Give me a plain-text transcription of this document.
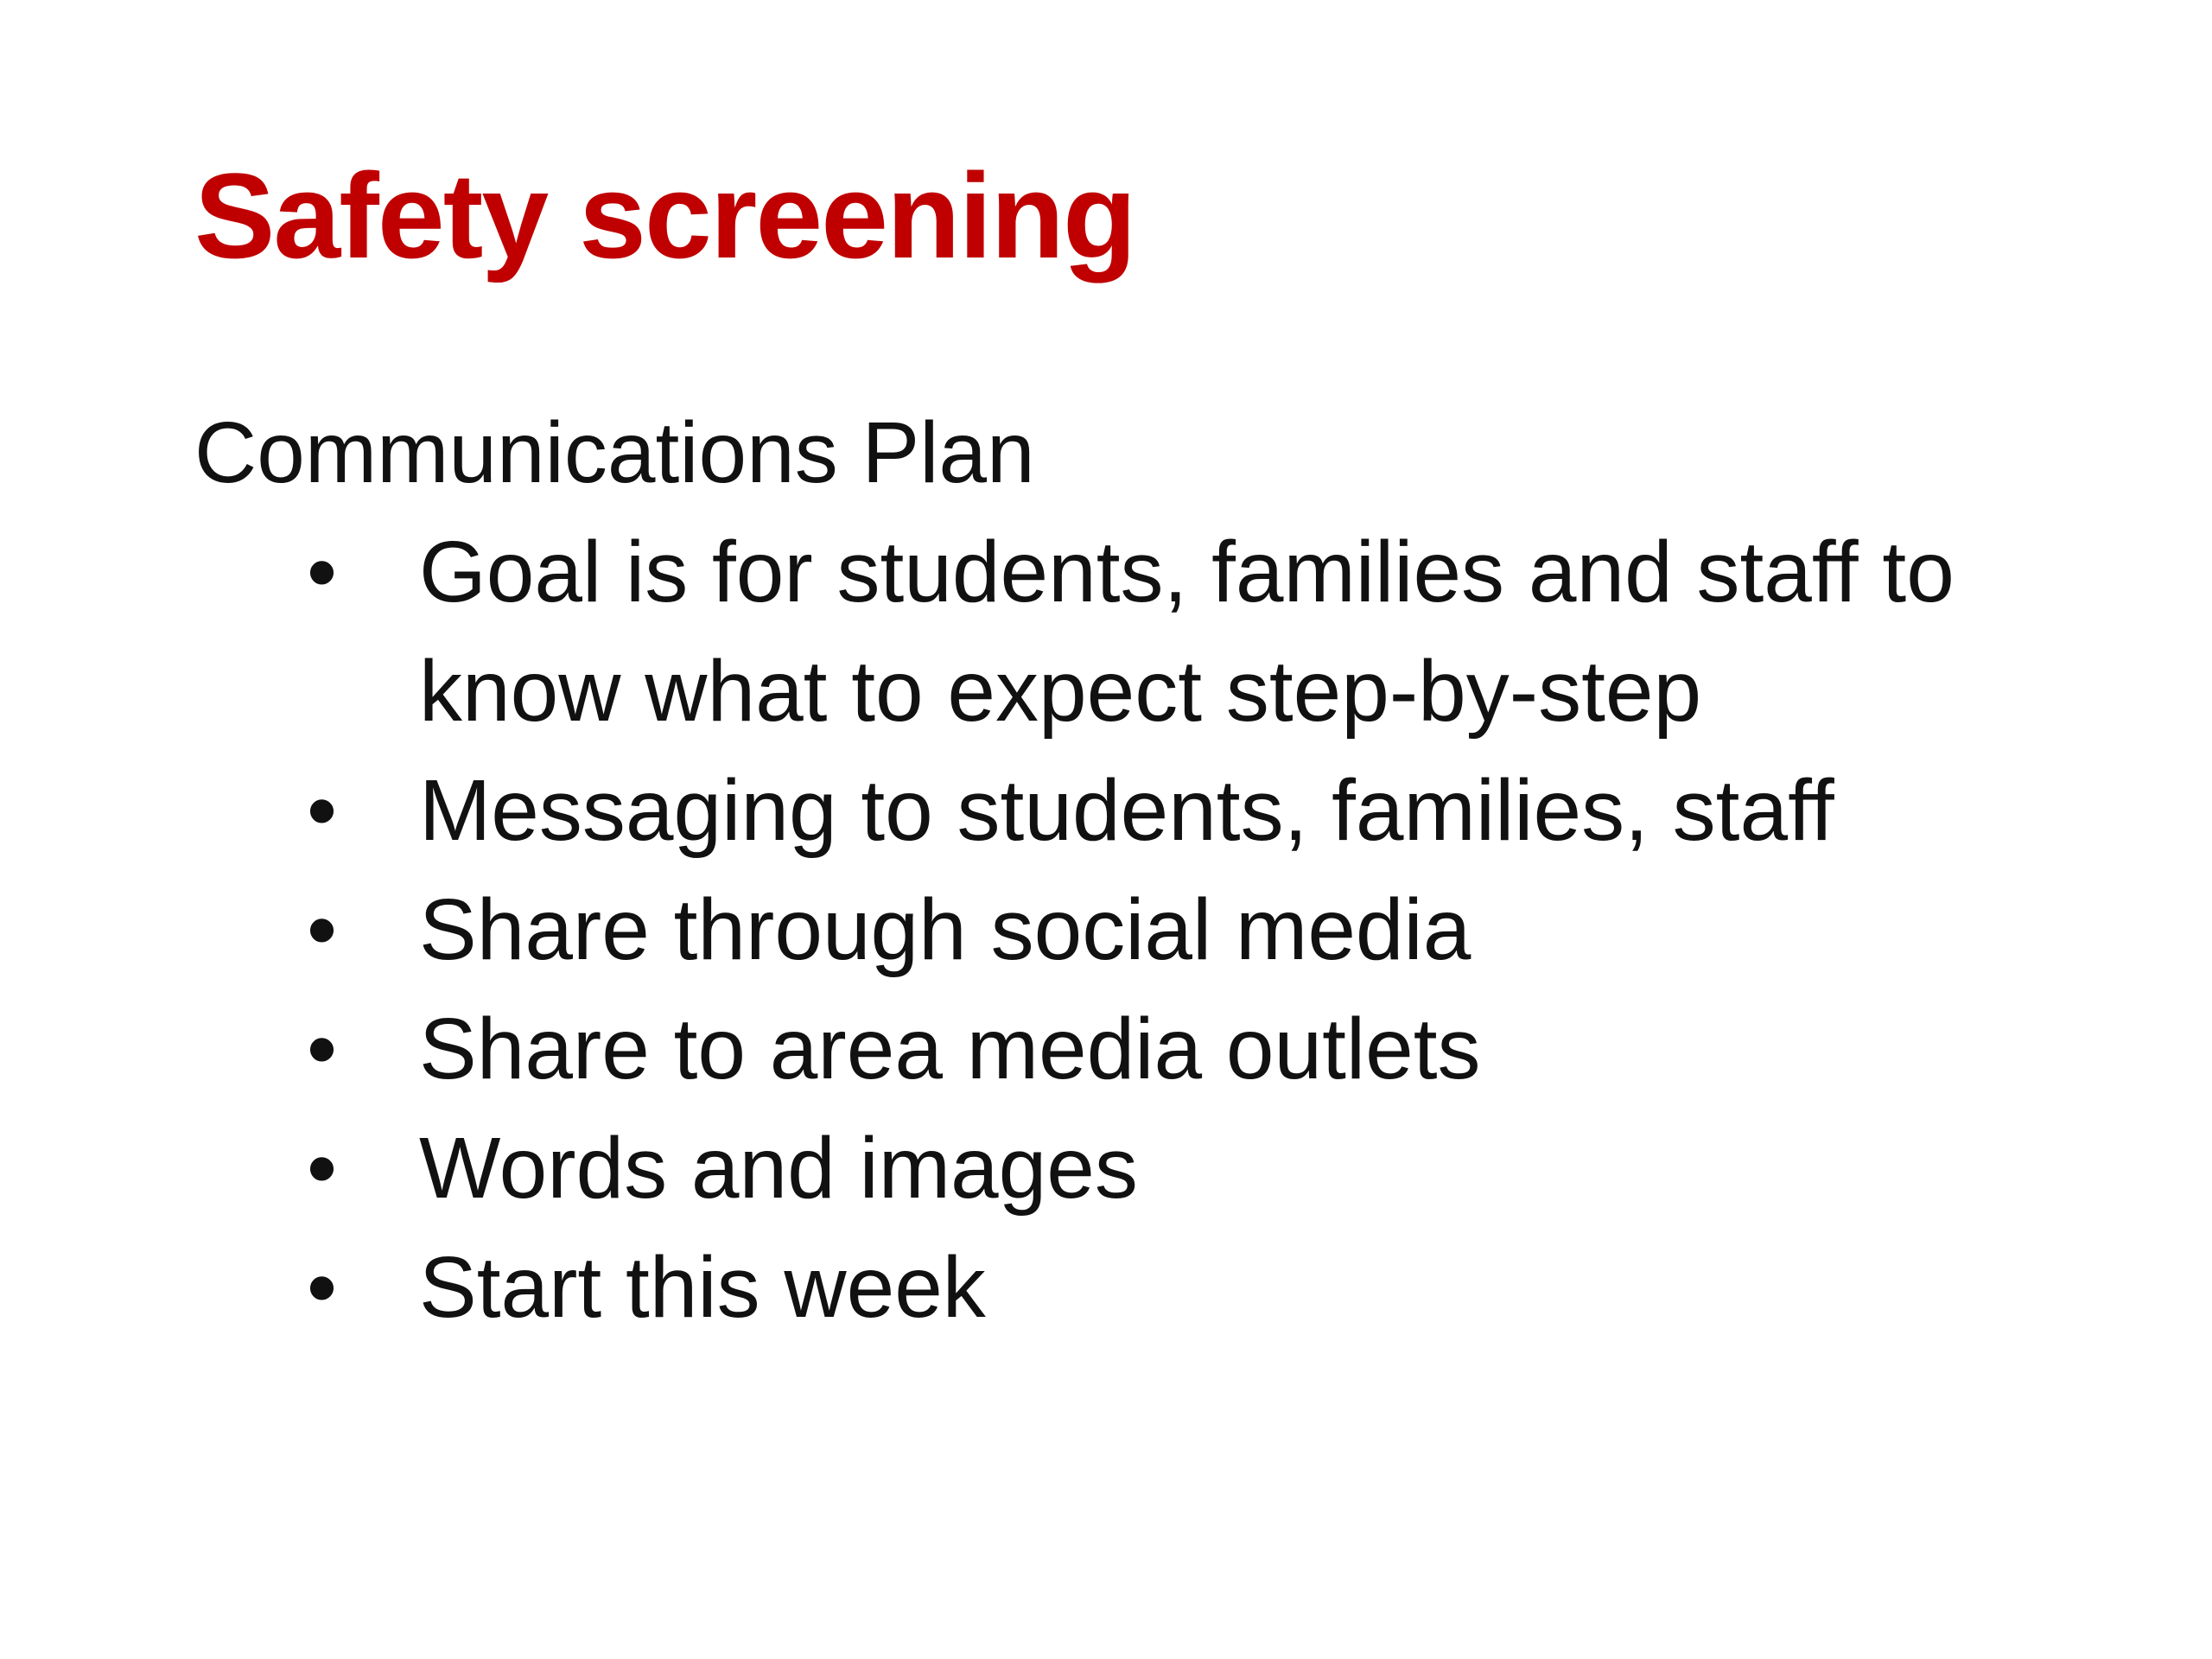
Safety screening

Communications Plan

• Goal is for students, families and staff to know what to expect step-by-step
• Messaging to students, families, staff
• Share through social media
• Share to area media outlets
• Words and images
• Start this week
